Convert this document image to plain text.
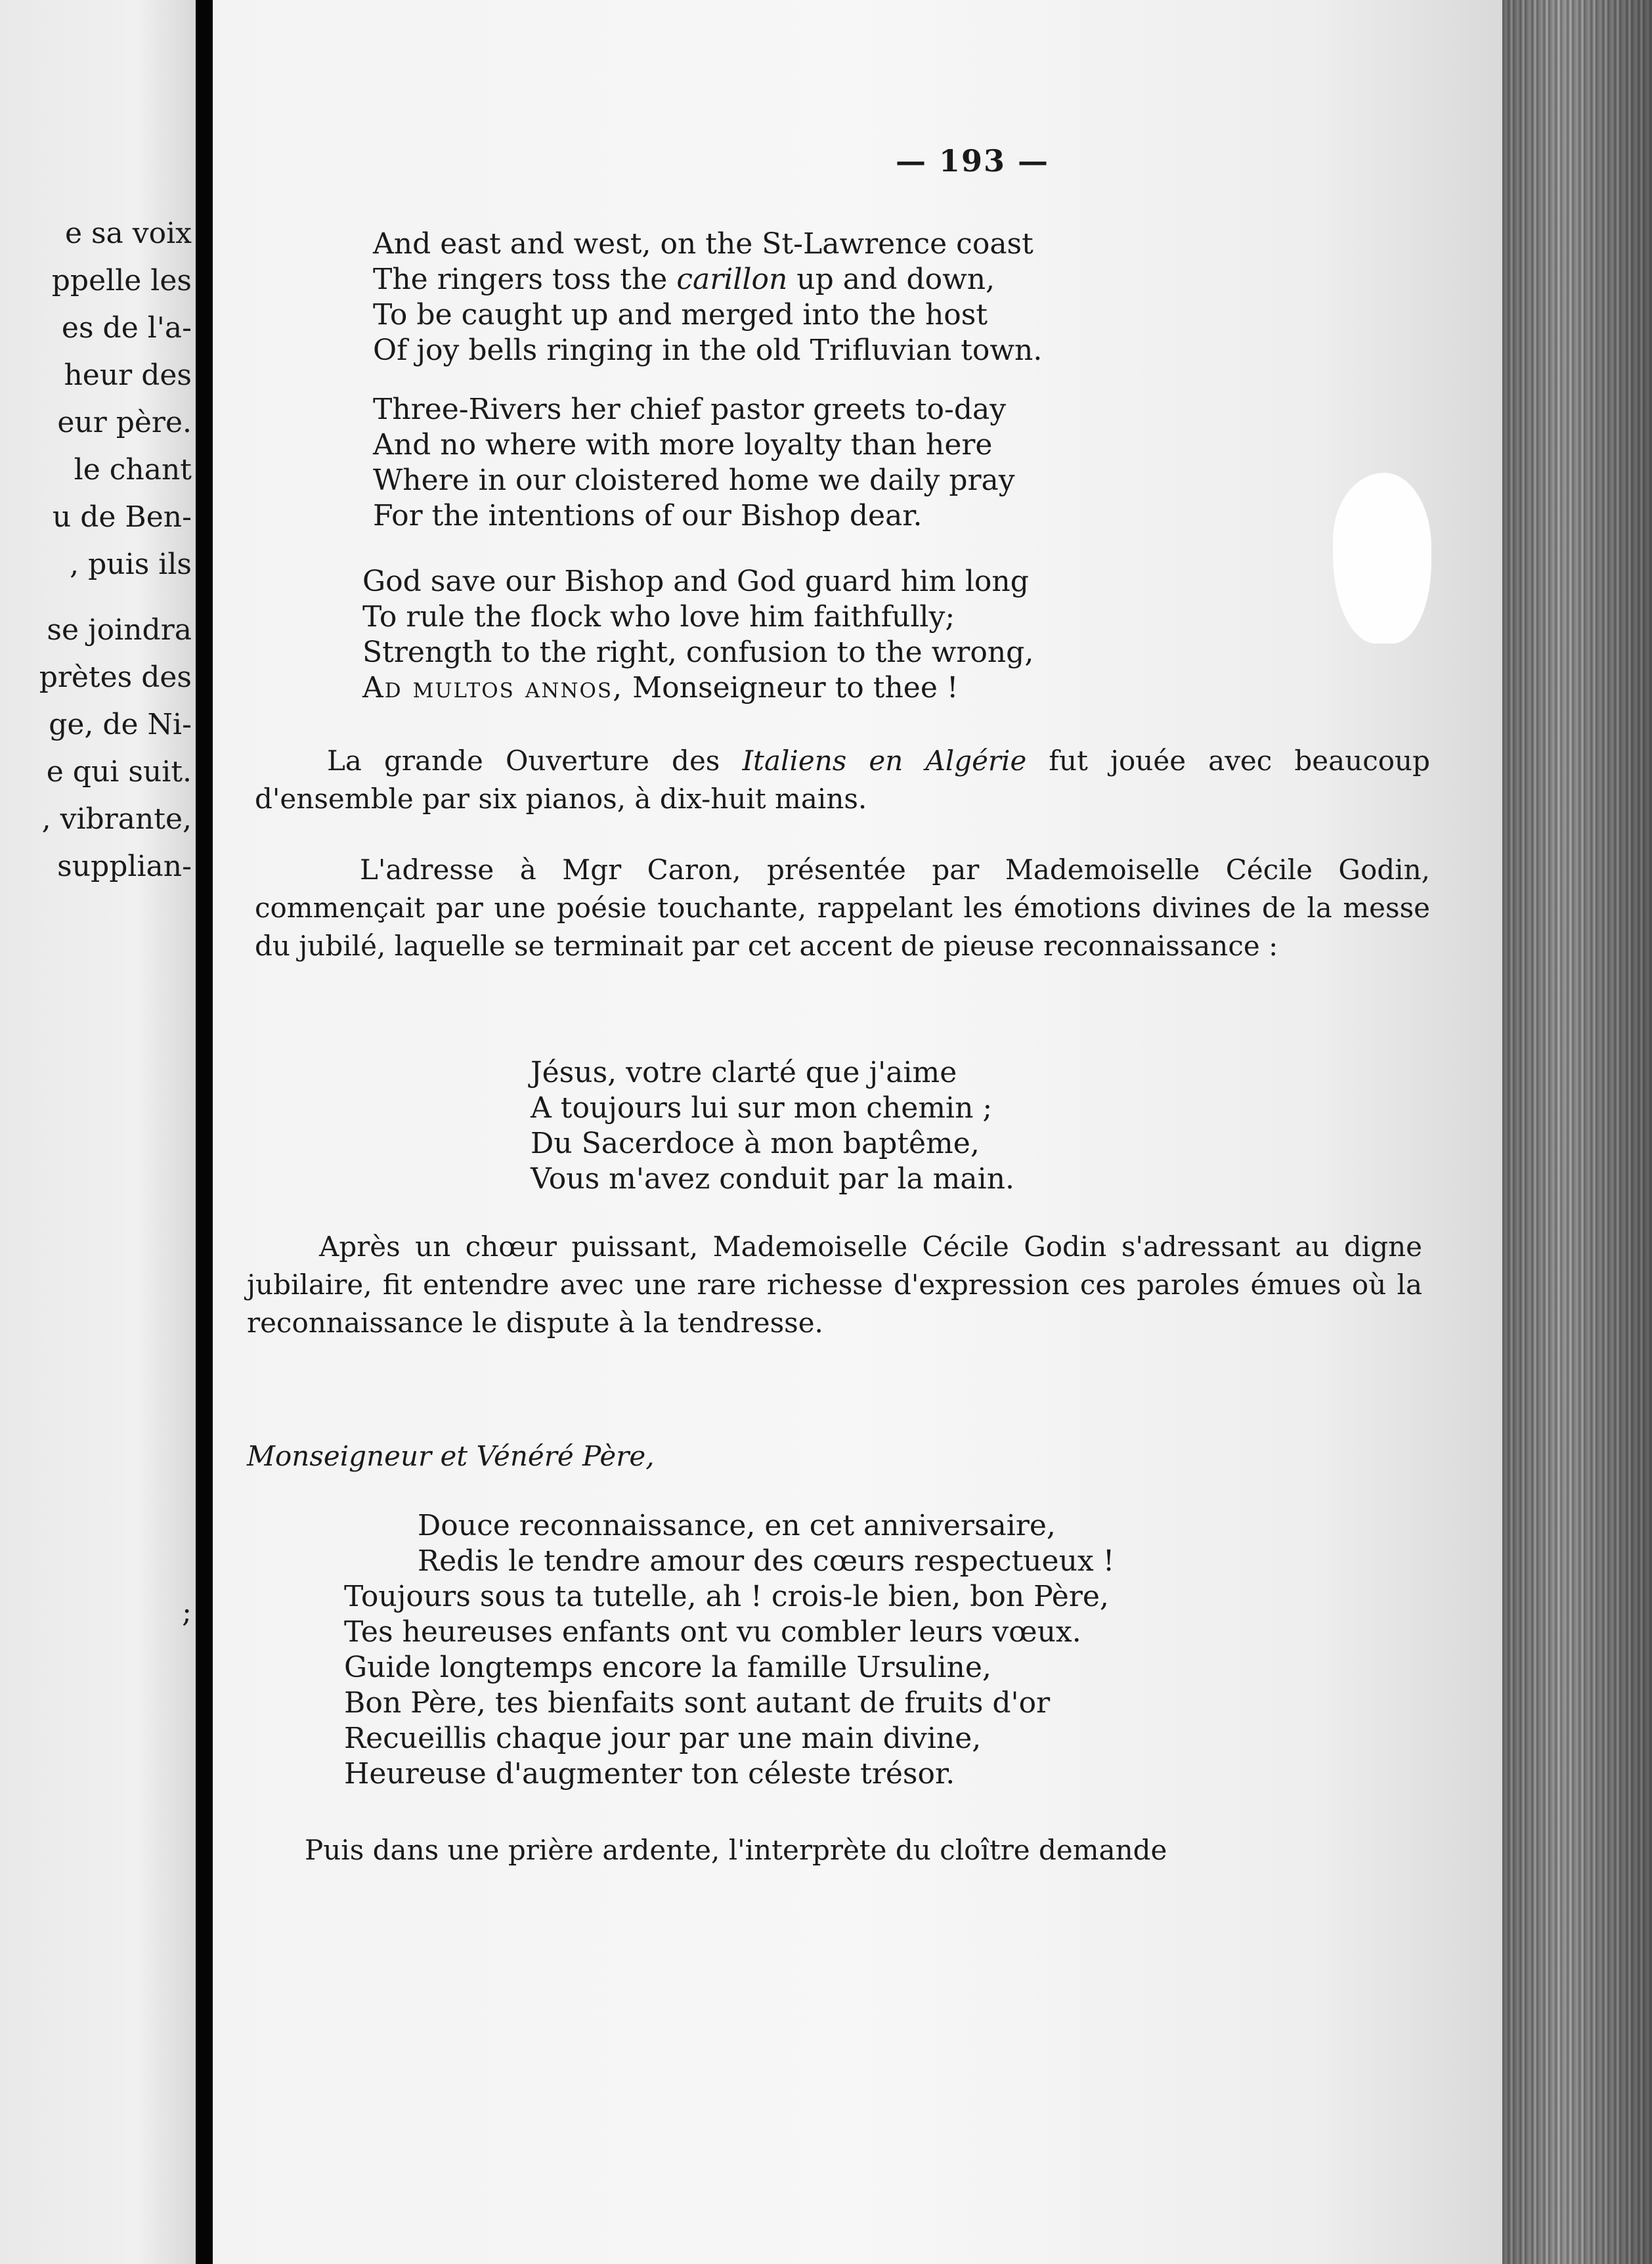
e sa voix
ppelle les
es de l'a-
heur des
eur père.
le chant
u de Ben-
, puis ils
se joindra
prètes des
ge, de Ni-
e qui suit.
, vibrante,
supplian-
;
— 193 —
And east and west, on the St-Lawrence coast
The ringers toss the carillon up and down,
To be caught up and merged into the host
Of joy bells ringing in the old Trifluvian town.
Three-Rivers her chief pastor greets to-day
And no where with more loyalty than here
Where in our cloistered home we daily pray
For the intentions of our Bishop dear.
God save our Bishop and God guard him long
To rule the flock who love him faithfully;
Strength to the right, confusion to the wrong,
Ad multos annos, Monseigneur to thee !
La grande Ouverture des Italiens en Algérie fut jouée avec beaucoup d'ensemble par six pianos, à dix-huit mains.
L'adresse à Mgr Caron, présentée par Mademoiselle Cécile Godin, commençait par une poésie touchante, rappelant les émotions divines de la messe du jubilé, laquelle se terminait par cet accent de pieuse reconnaissance :
Jésus, votre clarté que j'aime
A toujours lui sur mon chemin ;
Du Sacerdoce à mon baptême,
Vous m'avez conduit par la main.
Après un chœur puissant, Mademoiselle Cécile Godin s'adressant au digne jubilaire, fit entendre avec une rare richesse d'expression ces paroles émues où la reconnaissance le dispute à la tendresse.
Monseigneur et Vénéré Père,
Douce reconnaissance, en cet anniversaire,
Redis le tendre amour des cœurs respectueux !
Toujours sous ta tutelle, ah ! crois-le bien, bon Père,
Tes heureuses enfants ont vu combler leurs vœux.
Guide longtemps encore la famille Ursuline,
Bon Père, tes bienfaits sont autant de fruits d'or
Recueillis chaque jour par une main divine,
Heureuse d'augmenter ton céleste trésor.
Puis dans une prière ardente, l'interprète du cloître demande
